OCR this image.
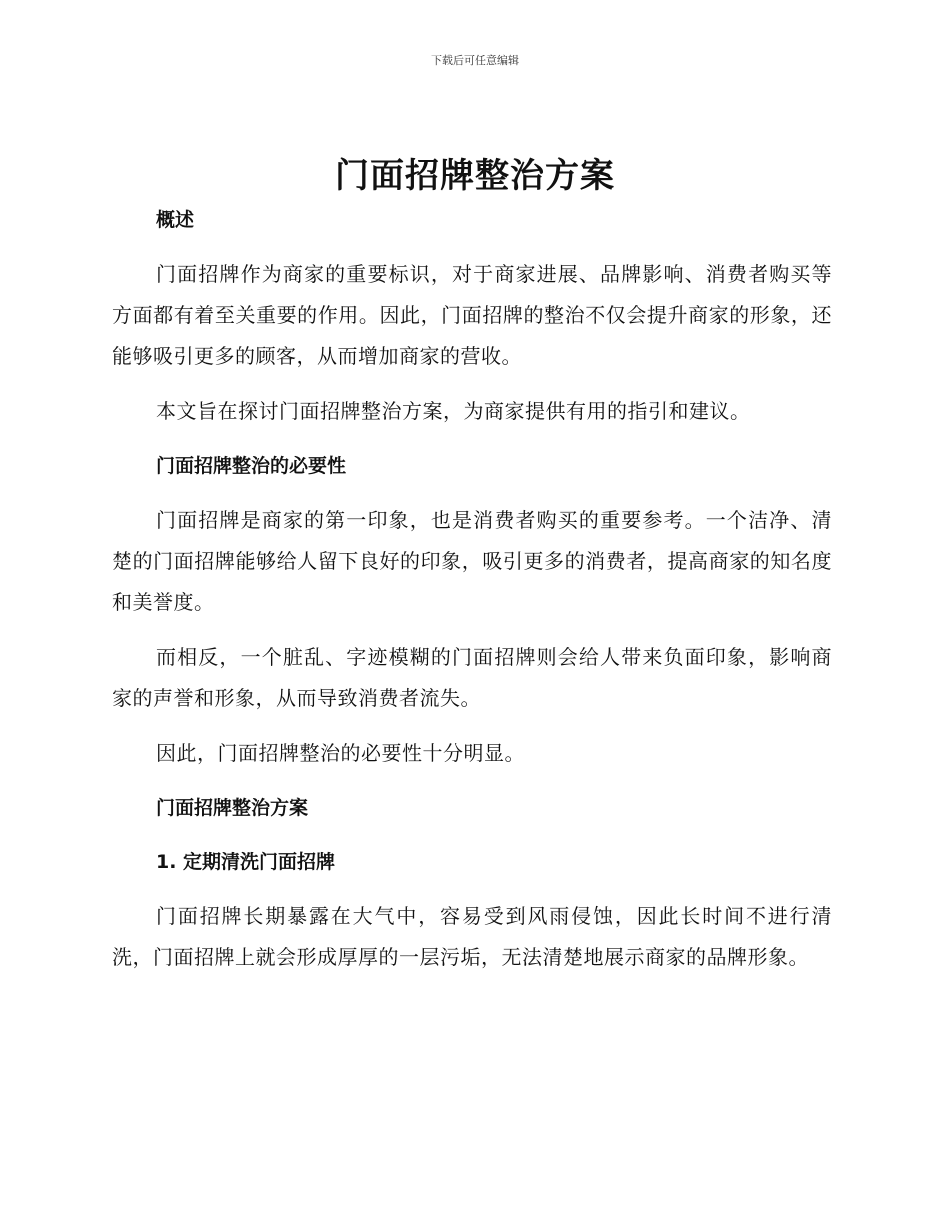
下载后可任意编辑
门面招牌整治方案
概述

门面招牌作为商家的重要标识，对于商家进展、品牌影响、消费者购买等方面都有着至关重要的作用。因此，门面招牌的整治不仅会提升商家的形象，还能够吸引更多的顾客，从而增加商家的营收。

本文旨在探讨门面招牌整治方案，为商家提供有用的指引和建议。

门面招牌整治的必要性

门面招牌是商家的第一印象，也是消费者购买的重要参考。一个洁净、清楚的门面招牌能够给人留下良好的印象，吸引更多的消费者，提高商家的知名度和美誉度。

而相反，一个脏乱、字迹模糊的门面招牌则会给人带来负面印象，影响商家的声誉和形象，从而导致消费者流失。

因此，门面招牌整治的必要性十分明显。

门面招牌整治方案
1. 定期清洗门面招牌

门面招牌长期暴露在大气中，容易受到风雨侵蚀，因此长时间不进行清洗，门面招牌上就会形成厚厚的一层污垢，无法清楚地展示商家的品牌形象。
